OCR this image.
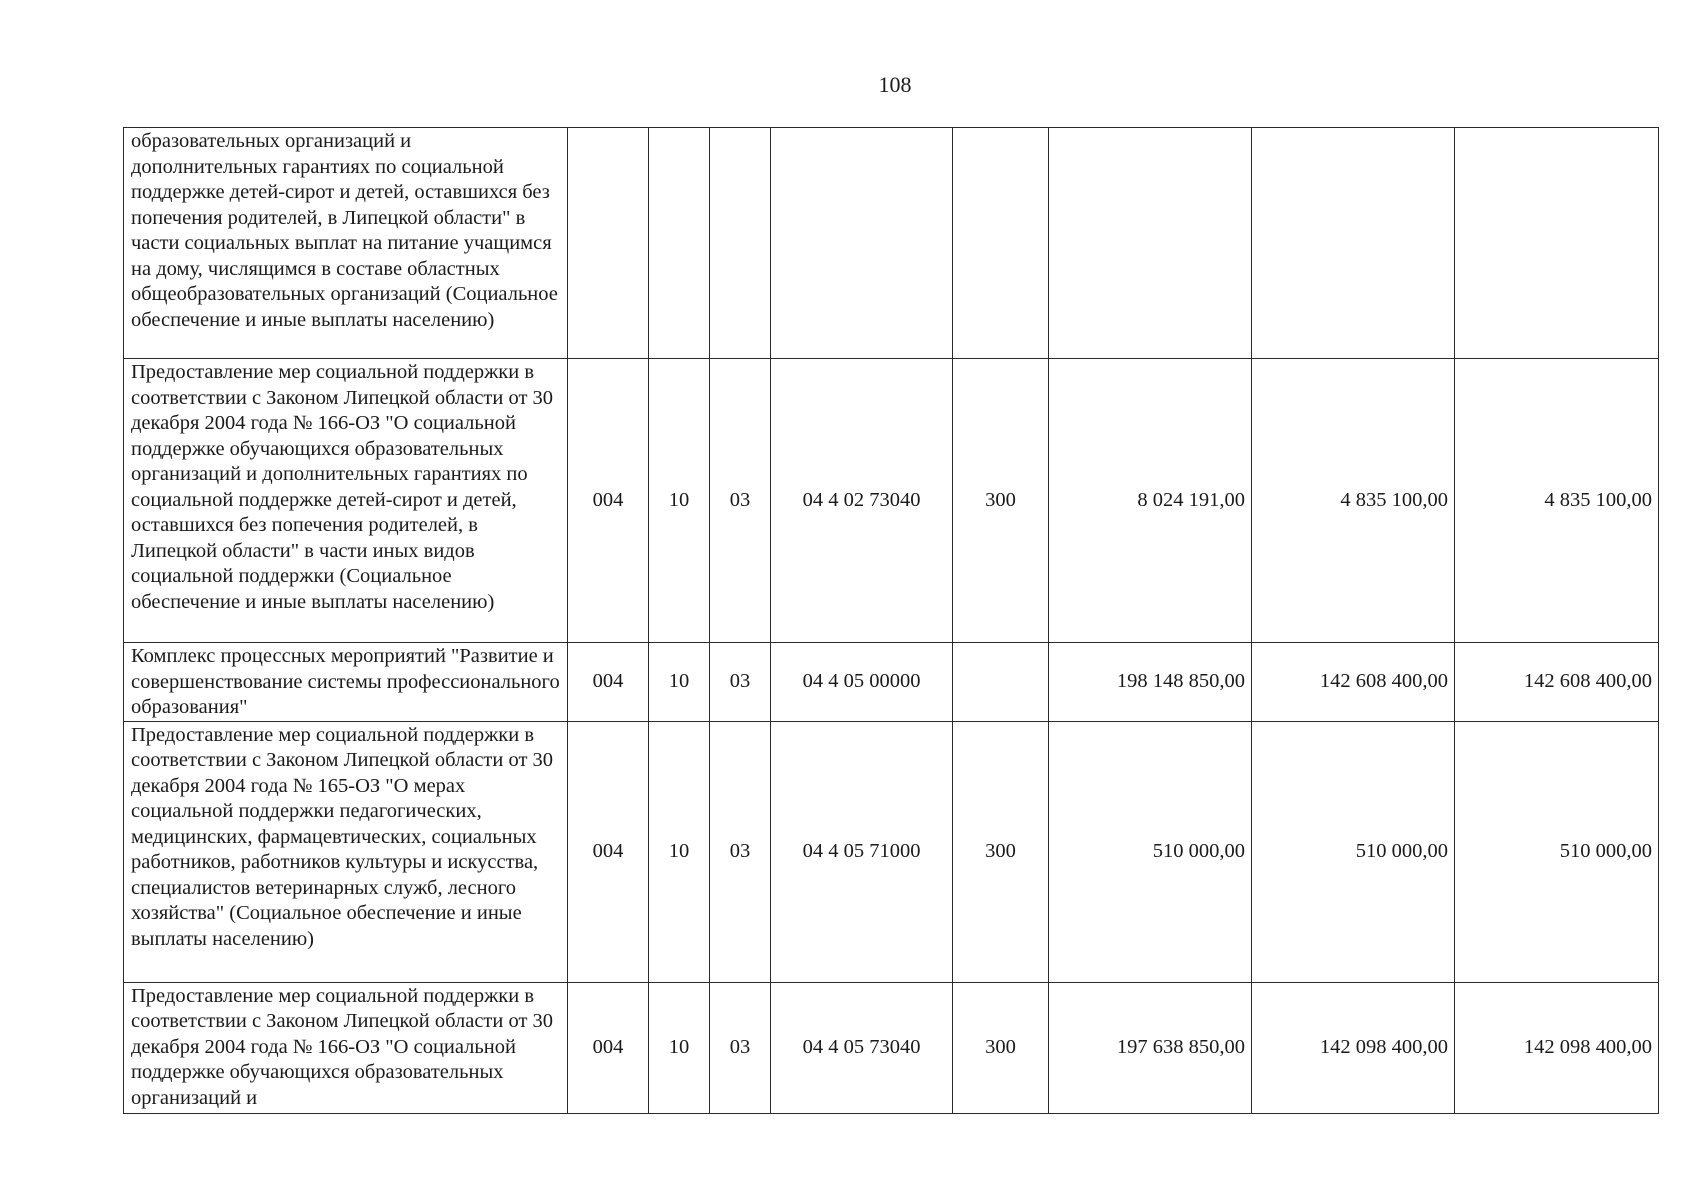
108
образовательных организаций и дополнительных гарантиях по социальной поддержке детей-сирот и детей, оставшихся без попечения родителей, в Липецкой области" в части социальных выплат на питание учащимся на дому, числящимся в составе областных общеобразовательных организаций (Социальное обеспечение и иные выплаты населению)								
Предоставление мер социальной поддержки в соответствии с Законом Липецкой области от 30 декабря 2004 года № 166-ОЗ "О социальной поддержке обучающихся образовательных организаций и дополнительных гарантиях по социальной поддержке детей-сирот и детей, оставшихся без попечения родителей, в Липецкой области" в части иных видов социальной поддержки (Социальное обеспечение и иные выплаты населению)	004	10	03	04 4 02 73040	300	8 024 191,00	4 835 100,00	4 835 100,00
Комплекс процессных мероприятий "Развитие и совершенствование системы профессионального образования"	004	10	03	04 4 05 00000		198 148 850,00	142 608 400,00	142 608 400,00
Предоставление мер социальной поддержки в соответствии с Законом Липецкой области от 30 декабря 2004 года № 165-ОЗ "О мерах социальной поддержки педагогических, медицинских, фармацевтических, социальных работников, работников культуры и искусства, специалистов ветеринарных служб, лесного хозяйства" (Социальное обеспечение и иные выплаты населению)	004	10	03	04 4 05 71000	300	510 000,00	510 000,00	510 000,00
Предоставление мер социальной поддержки в соответствии с Законом Липецкой области от 30 декабря 2004 года № 166-ОЗ "О социальной поддержке обучающихся образовательных организаций и	004	10	03	04 4 05 73040	300	197 638 850,00	142 098 400,00	142 098 400,00
